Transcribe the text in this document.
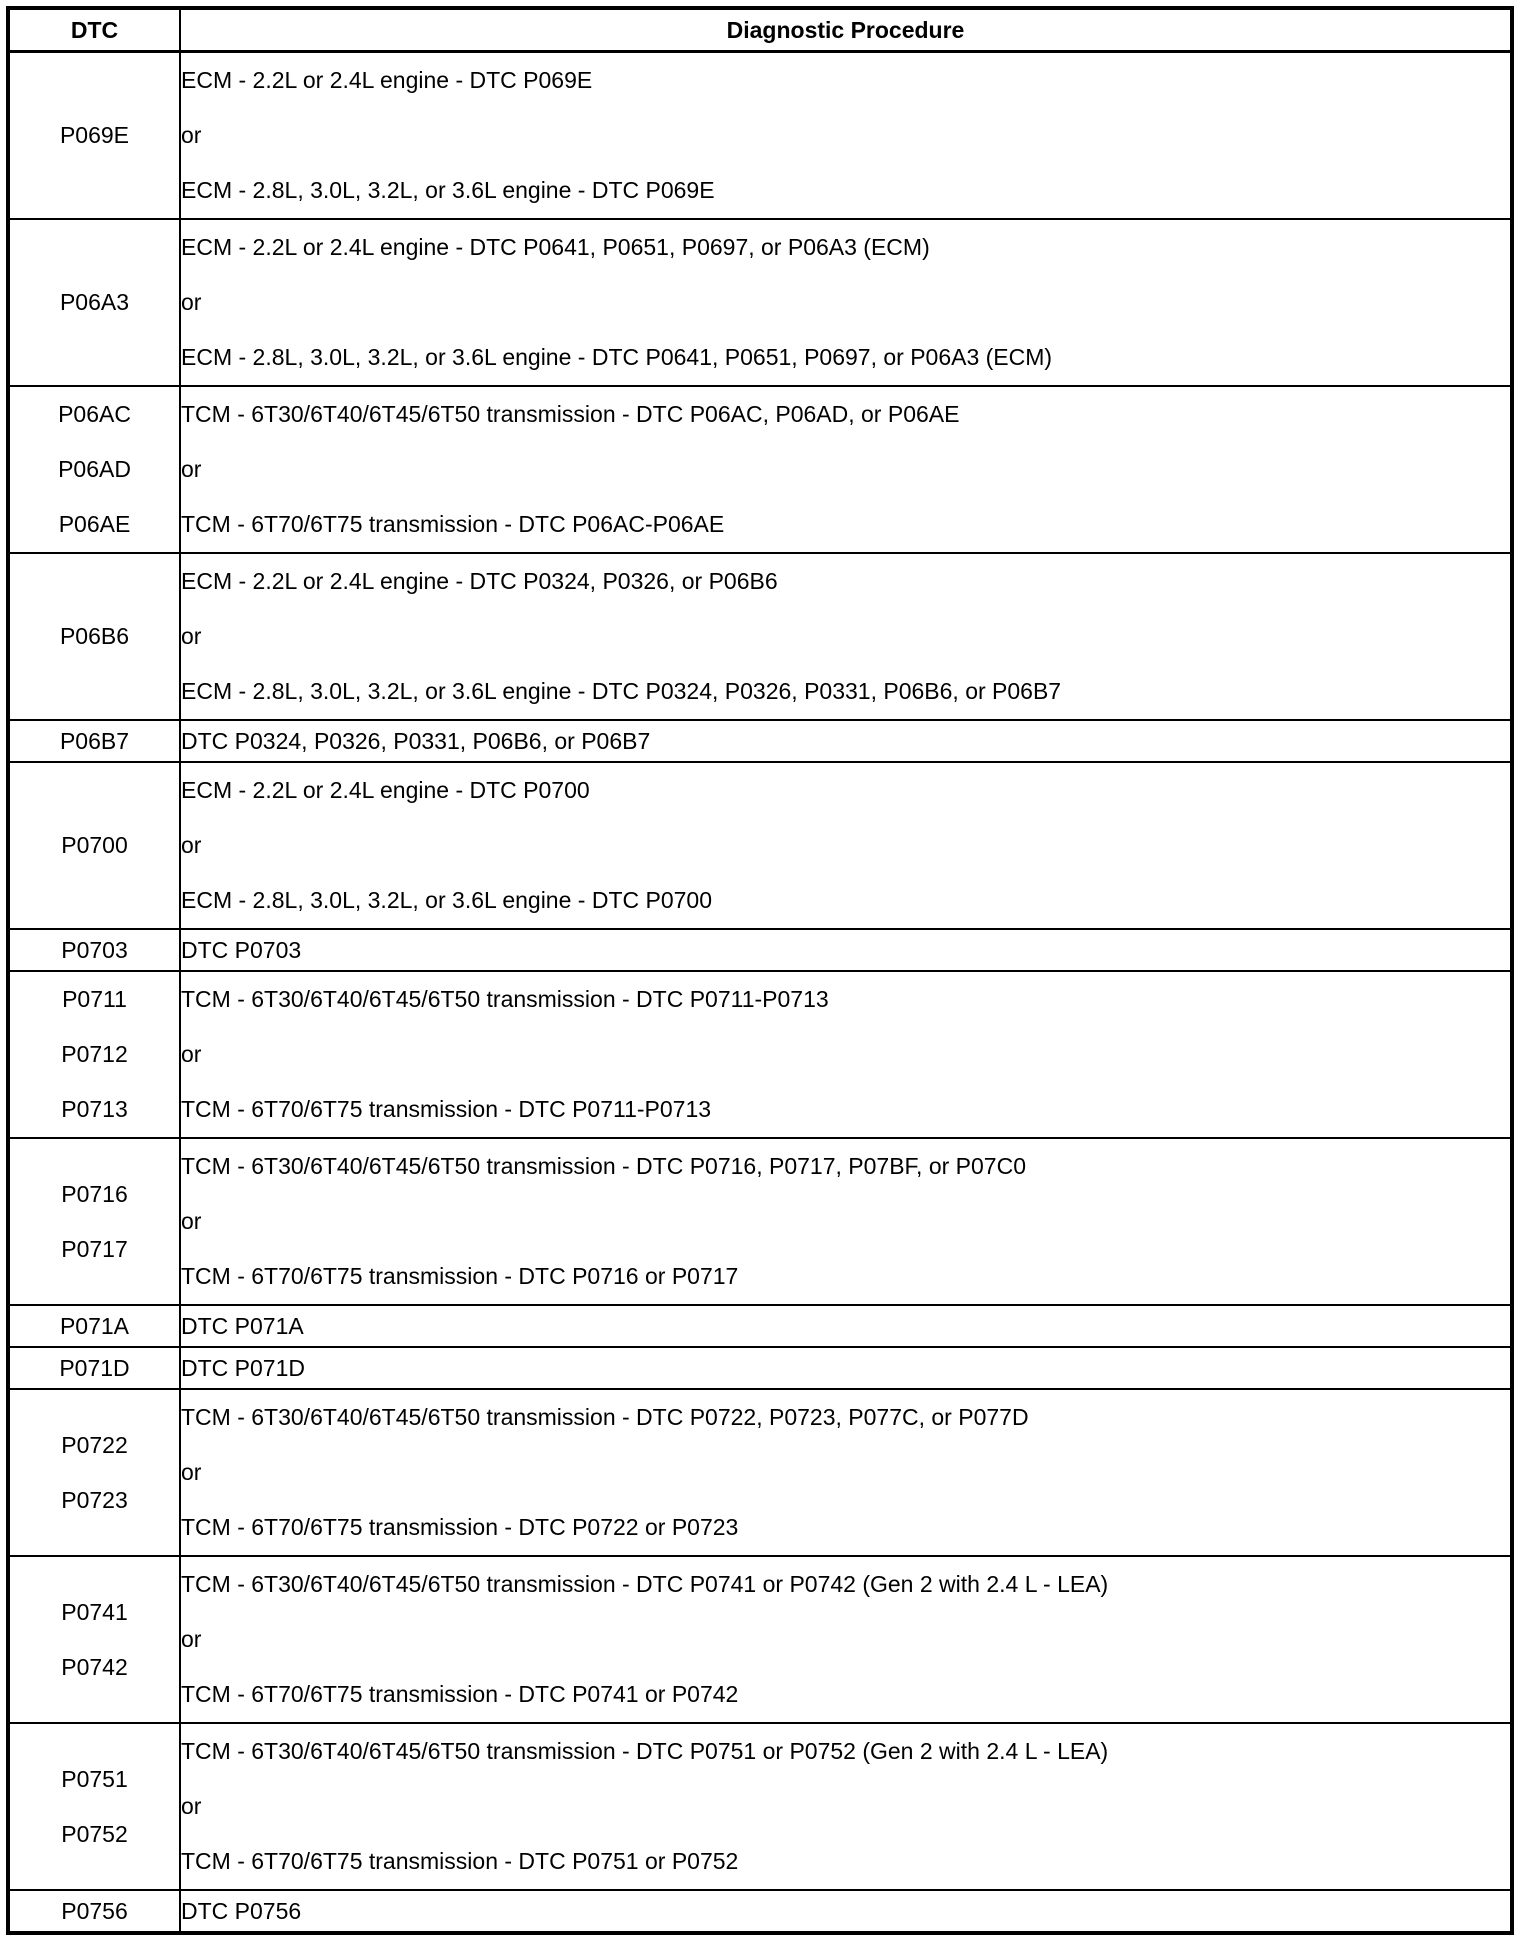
DTC	Diagnostic Procedure

P069E	ECM - 2.2L or 2.4L engine - DTC P069E
or
ECM - 2.8L, 3.0L, 3.2L, or 3.6L engine - DTC P069E

P06A3	ECM - 2.2L or 2.4L engine - DTC P0641, P0651, P0697, or P06A3 (ECM)
or
ECM - 2.8L, 3.0L, 3.2L, or 3.6L engine - DTC P0641, P0651, P0697, or P06A3 (ECM)

P06AC
P06AD
P06AE	TCM - 6T30/6T40/6T45/6T50 transmission - DTC P06AC, P06AD, or P06AE
or
TCM - 6T70/6T75 transmission - DTC P06AC-P06AE

P06B6	ECM - 2.2L or 2.4L engine - DTC P0324, P0326, or P06B6
or
ECM - 2.8L, 3.0L, 3.2L, or 3.6L engine - DTC P0324, P0326, P0331, P06B6, or P06B7

P06B7	DTC P0324, P0326, P0331, P06B6, or P06B7

P0700	ECM - 2.2L or 2.4L engine - DTC P0700
or
ECM - 2.8L, 3.0L, 3.2L, or 3.6L engine - DTC P0700

P0703	DTC P0703

P0711
P0712
P0713	TCM - 6T30/6T40/6T45/6T50 transmission - DTC P0711-P0713
or
TCM - 6T70/6T75 transmission - DTC P0711-P0713

P0716
P0717	TCM - 6T30/6T40/6T45/6T50 transmission - DTC P0716, P0717, P07BF, or P07C0
or
TCM - 6T70/6T75 transmission - DTC P0716 or P0717

P071A	DTC P071A

P071D	DTC P071D

P0722
P0723	TCM - 6T30/6T40/6T45/6T50 transmission - DTC P0722, P0723, P077C, or P077D
or
TCM - 6T70/6T75 transmission - DTC P0722 or P0723

P0741
P0742	TCM - 6T30/6T40/6T45/6T50 transmission - DTC P0741 or P0742 (Gen 2 with 2.4 L - LEA)
or
TCM - 6T70/6T75 transmission - DTC P0741 or P0742

P0751
P0752	TCM - 6T30/6T40/6T45/6T50 transmission - DTC P0751 or P0752 (Gen 2 with 2.4 L - LEA)
or
TCM - 6T70/6T75 transmission - DTC P0751 or P0752

P0756	DTC P0756
